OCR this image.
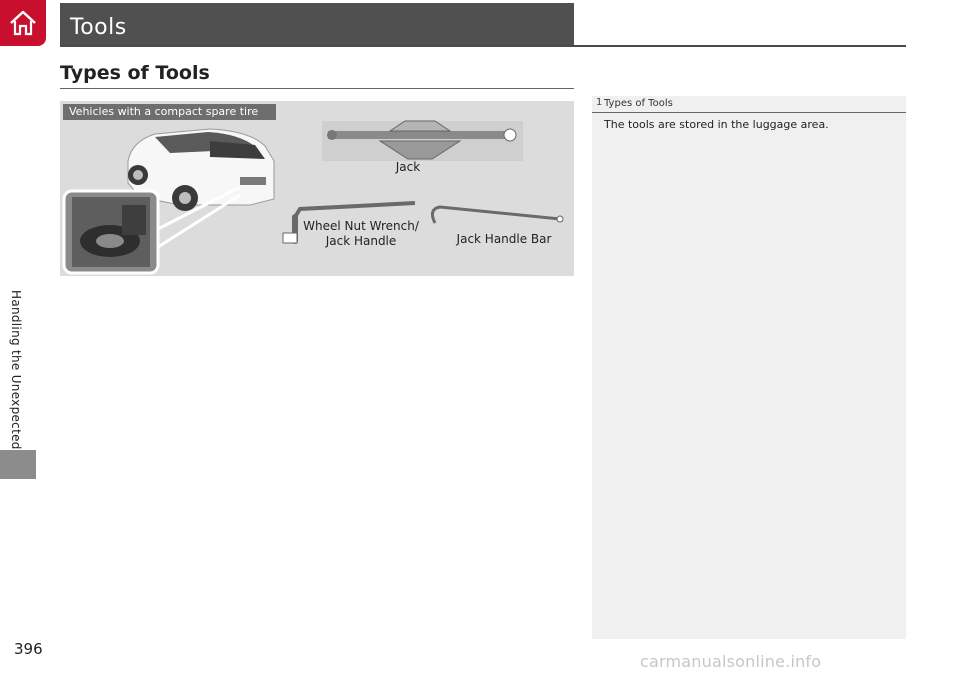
Handling the Unexpected
396
Tools
Types of Tools
Vehicles with a compact spare tire
Jack
Wheel Nut Wrench/
Jack Handle	Jack Handle Bar
1 Types of Tools
The tools are stored in the luggage area.
carmanualsonline.info
